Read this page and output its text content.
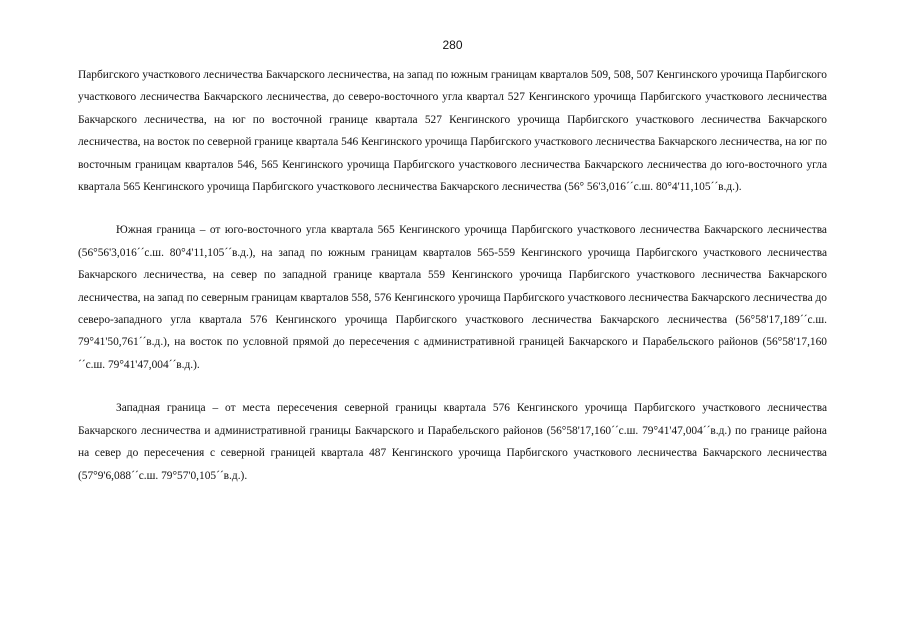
280

Парбигского участкового лесничества Бакчарского лесничества, на запад по южным границам кварталов 509, 508, 507 Кенгинского урочища Парбигского участкового лесничества Бакчарского лесничества, до северо-восточного угла квартал 527 Кенгинского урочища Парбигского участкового лесничества Бакчарского лесничества, на юг по восточной границе квартала 527 Кенгинского урочища Парбигского участкового лесничества Бакчарского лесничества, на восток по северной границе квартала 546 Кенгинского урочища Парбигского участкового лесничества Бакчарского лесничества, на юг по восточным границам кварталов 546, 565 Кенгинского урочища Парбигского участкового лесничества Бакчарского лесничества до юго-восточного угла квартала 565 Кенгинского урочища Парбигского участкового лесничества Бакчарского лесничества (56° 56'3,016´´с.ш. 80°4'11,105´´в.д.).

Южная граница – от юго-восточного угла квартала 565 Кенгинского урочища Парбигского участкового лесничества Бакчарского лесничества (56°56'3,016´´с.ш. 80°4'11,105´´в.д.), на запад по южным границам кварталов 565-559 Кенгинского урочища Парбигского участкового лесничества Бакчарского лесничества, на север по западной границе квартала 559 Кенгинского урочища Парбигского участкового лесничества Бакчарского лесничества, на запад по северным границам кварталов 558, 576 Кенгинского урочища Парбигского участкового лесничества Бакчарского лесничества до северо-западного угла квартала 576 Кенгинского урочища Парбигского участкового лесничества Бакчарского лесничества (56°58'17,189´´с.ш. 79°41'50,761´´в.д.), на восток по условной прямой до пересечения с административной границей Бакчарского и Парабельского районов (56°58'17,160´´с.ш. 79°41'47,004´´в.д.).

Западная граница – от места пересечения северной границы квартала 576 Кенгинского урочища Парбигского участкового лесничества Бакчарского лесничества и административной границы Бакчарского и Парабельского районов (56°58'17,160´´с.ш. 79°41'47,004´´в.д.) по границе района на север до пересечения с северной границей квартала 487 Кенгинского урочища Парбигского участкового лесничества Бакчарского лесничества (57°9'6,088´´с.ш. 79°57'0,105´´в.д.).
